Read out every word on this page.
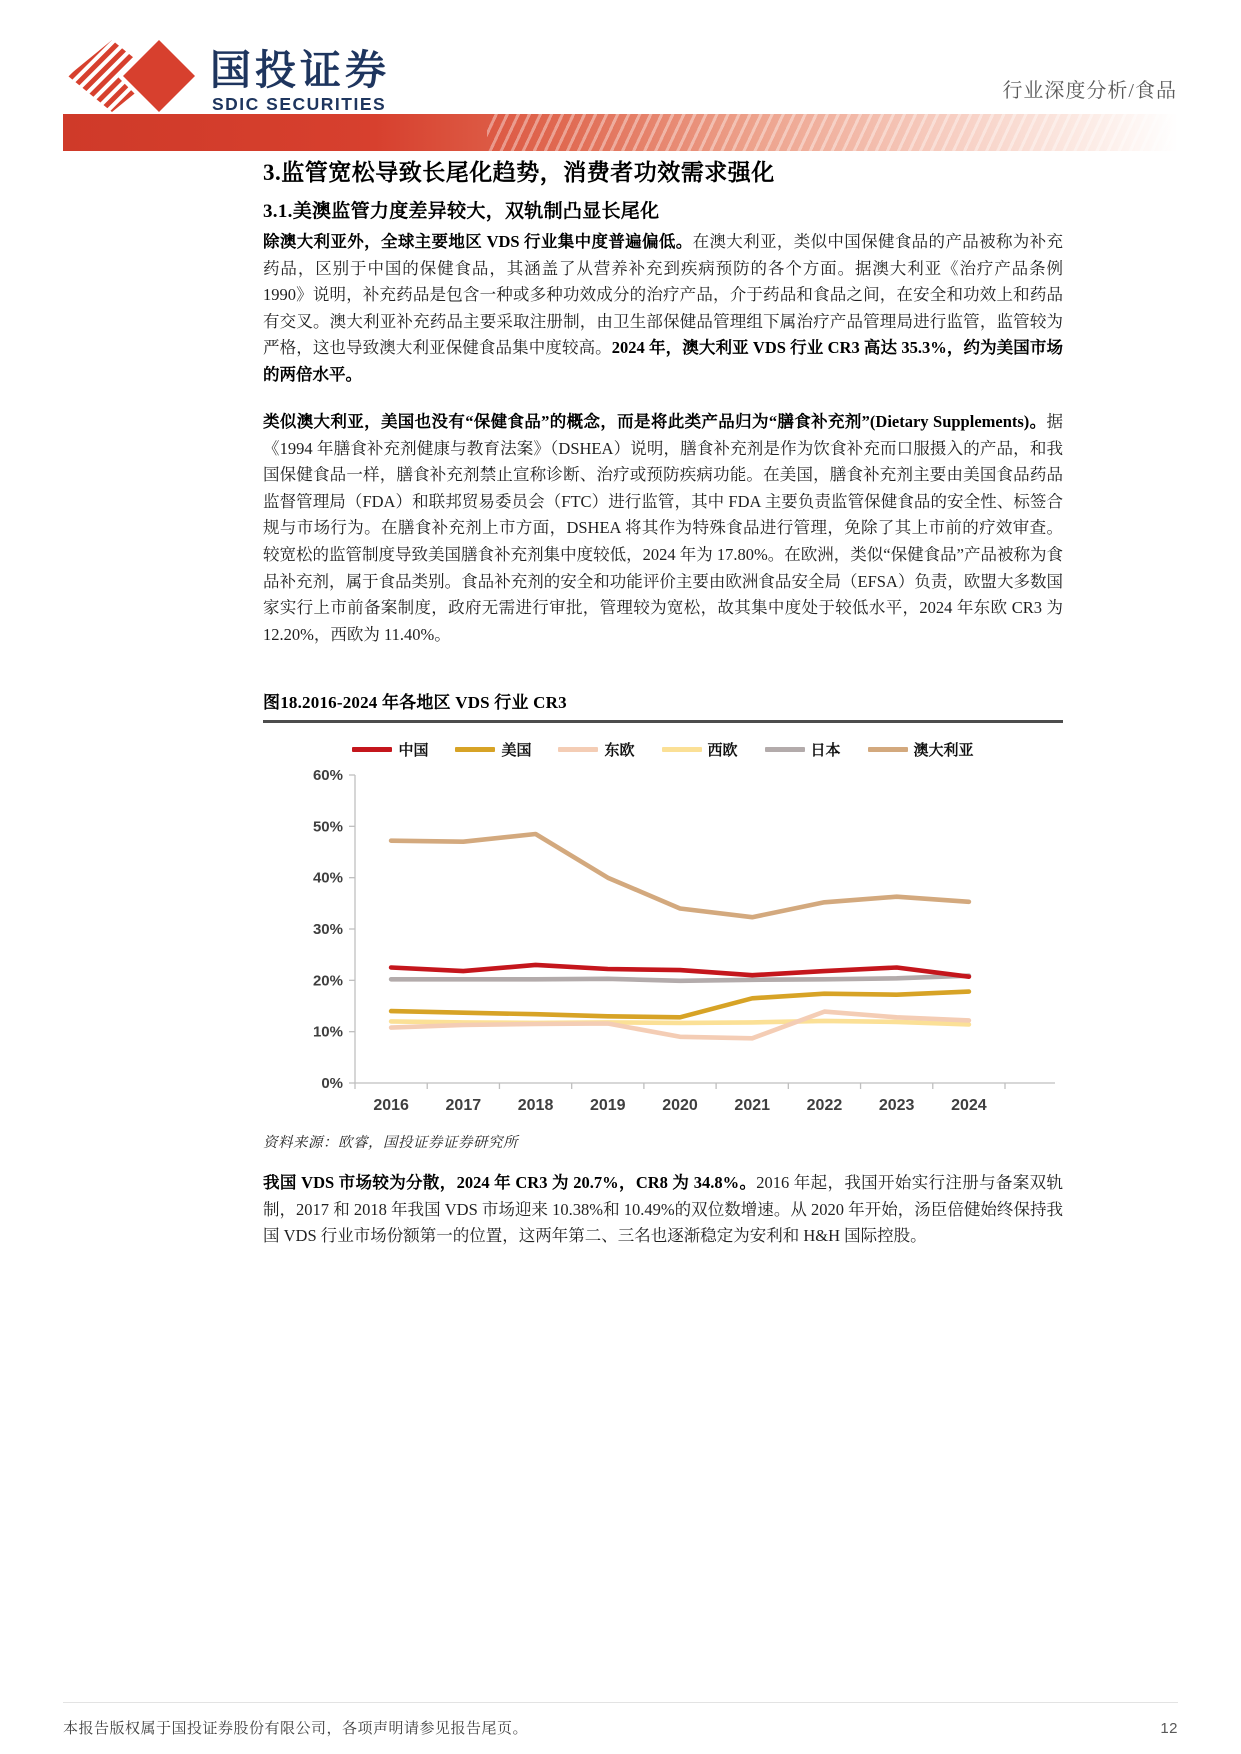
国投证券
SDIC SECURITIES
行业深度分析/食品
3.监管宽松导致长尾化趋势，消费者功效需求强化
3.1.美澳监管力度差异较大，双轨制凸显长尾化
除澳大利亚外，全球主要地区 VDS 行业集中度普遍偏低。在澳大利亚，类似中国保健食品的产品被称为补充药品，区别于中国的保健食品，其涵盖了从营养补充到疾病预防的各个方面。据澳大利亚《治疗产品条例 1990》说明，补充药品是包含一种或多种功效成分的治疗产品，介于药品和食品之间，在安全和功效上和药品有交叉。澳大利亚补充药品主要采取注册制，由卫生部保健品管理组下属治疗产品管理局进行监管，监管较为严格，这也导致澳大利亚保健食品集中度较高。2024 年，澳大利亚 VDS 行业 CR3 高达 35.3%，约为美国市场的两倍水平。
类似澳大利亚，美国也没有“保健食品”的概念，而是将此类产品归为“膳食补充剂”(Dietary Supplements)。据《1994 年膳食补充剂健康与教育法案》（DSHEA）说明，膳食补充剂是作为饮食补充而口服摄入的产品，和我国保健食品一样，膳食补充剂禁止宣称诊断、治疗或预防疾病功能。在美国，膳食补充剂主要由美国食品药品监督管理局（FDA）和联邦贸易委员会（FTC）进行监管，其中 FDA 主要负责监管保健食品的安全性、标签合规与市场行为。在膳食补充剂上市方面，DSHEA 将其作为特殊食品进行管理，免除了其上市前的疗效审查。较宽松的监管制度导致美国膳食补充剂集中度较低，2024 年为 17.80%。在欧洲，类似“保健食品”产品被称为食品补充剂，属于食品类别。食品补充剂的安全和功能评价主要由欧洲食品安全局（EFSA）负责，欧盟大多数国家实行上市前备案制度，政府无需进行审批，管理较为宽松，故其集中度处于较低水平，2024 年东欧 CR3 为 12.20%，西欧为 11.40%。
图18.2016-2024 年各地区 VDS 行业 CR3
中国	美国	东欧	西欧	日本	澳大利亚
0%
10%
20%
30%
40%
50%
60%
2016 2017 2018 2019 2020 2021 2022 2023 2024
资料来源：欧睿，国投证券证券研究所
我国 VDS 市场较为分散，2024 年 CR3 为 20.7%，CR8 为 34.8%。2016 年起，我国开始实行注册与备案双轨制，2017 和 2018 年我国 VDS 市场迎来 10.38%和 10.49%的双位数增速。从 2020 年开始，汤臣倍健始终保持我国 VDS 行业市场份额第一的位置，这两年第二、三名也逐渐稳定为安利和 H&H 国际控股。
本报告版权属于国投证券股份有限公司，各项声明请参见报告尾页。	12
